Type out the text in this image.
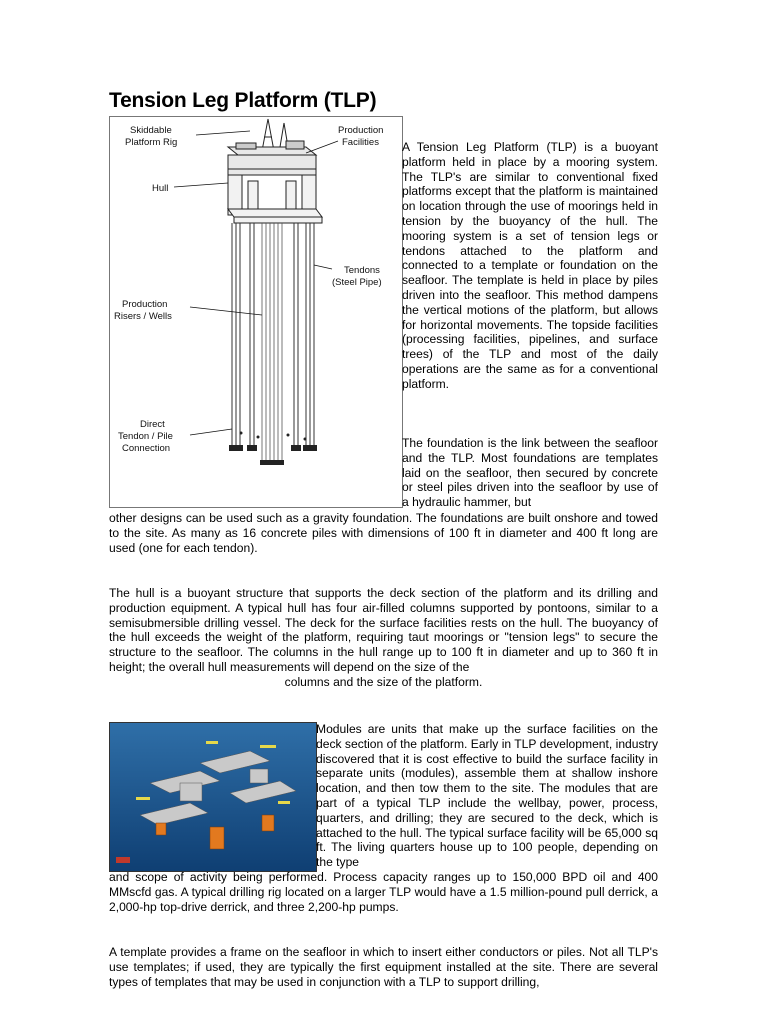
Tension Leg Platform (TLP)
Skiddable
Platform Rig
Production
Facilities
Hull
Tendons
(Steel Pipe)
Production
Risers / Wells
Direct
Tendon / Pile
Connection

A Tension Leg Platform (TLP) is a buoyant platform held in place by a mooring system. The TLP's are similar to conventional fixed platforms except that the platform is maintained on location through the use of moorings held in tension by the buoyancy of the hull. The mooring system is a set of tension legs or tendons attached to the platform and connected to a template or foundation on the seafloor. The template is held in place by piles driven into the seafloor. This method dampens the vertical motions of the platform, but allows for horizontal movements. The topside facilities (processing facilities, pipelines, and surface trees) of the TLP and most of the daily operations are the same as for a conventional platform.

The foundation is the link between the seafloor and the TLP. Most foundations are templates laid on the seafloor, then secured by concrete or steel piles driven into the seafloor by use of a hydraulic hammer, but

other designs can be used such as a gravity foundation. The foundations are built onshore and towed to the site. As many as 16 concrete piles with dimensions of 100 ft in diameter and 400 ft long are used (one for each tendon).

The hull is a buoyant structure that supports the deck section of the platform and its drilling and production equipment. A typical hull has four air-filled columns supported by pontoons, similar to a semisubmersible drilling vessel. The deck for the surface facilities rests on the hull. The buoyancy of the hull exceeds the weight of the platform, requiring taut moorings or "tension legs" to secure the structure to the seafloor. The columns in the hull range up to 100 ft in diameter and up to 360 ft in height; the overall hull measurements will depend on the size of the

columns and the size of the platform.

Modules are units that make up the surface facilities on the deck section of the platform. Early in TLP development, industry discovered that it is cost effective to build the surface facility in separate units (modules), assemble them at shallow inshore location, and then tow them to the site. The modules that are part of a typical TLP include the wellbay, power, process, quarters, and drilling; they are secured to the deck, which is attached to the hull. The typical surface facility will be 65,000 sq ft. The living quarters house up to 100 people, depending on the type

and scope of activity being performed. Process capacity ranges up to 150,000 BPD oil and 400 MMscfd gas. A typical drilling rig located on a larger TLP would have a 1.5 million-pound pull derrick, a 2,000-hp top-drive derrick, and three 2,200-hp pumps.

A template provides a frame on the seafloor in which to insert either conductors or piles. Not all TLP's use templates; if used, they are typically the first equipment installed at the site. There are several types of templates that may be used in conjunction with a TLP to support drilling,
